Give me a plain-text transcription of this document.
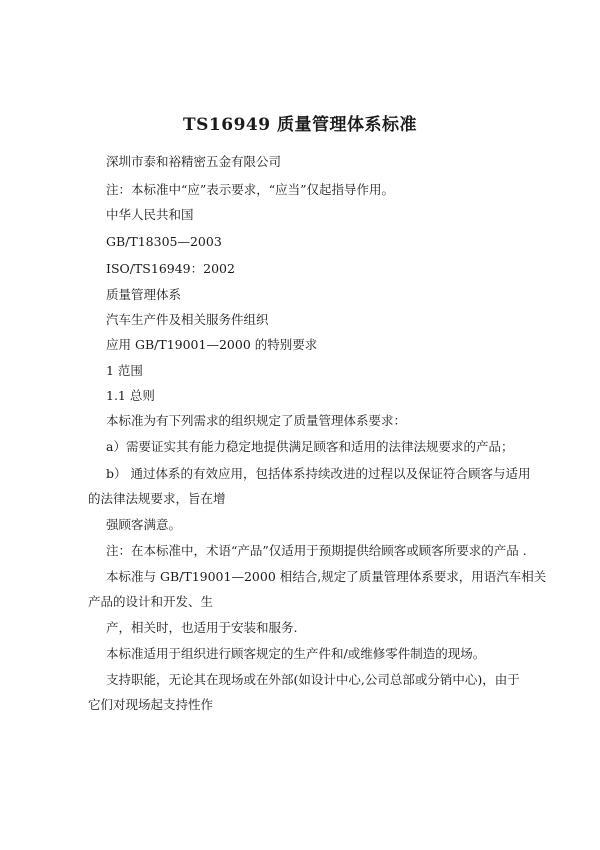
TS16949 质量管理体系标准
深圳市泰和裕精密五金有限公司
注：本标准中“应”表示要求，“应当”仅起指导作用。
中华人民共和国
GB/T18305—2003
ISO/TS16949：2002
质量管理体系
汽车生产件及相关服务件组织
应用 GB/T19001—2000 的特别要求
1 范围
1.1 总则
本标准为有下列需求的组织规定了质量管理体系要求：
a）需要证实其有能力稳定地提供满足顾客和适用的法律法规要求的产品；
b） 通过体系的有效应用，包括体系持续改进的过程以及保证符合顾客与适用
的法律法规要求，旨在增
强顾客满意。
注：在本标准中，术语“产品”仅适用于预期提供给顾客或顾客所要求的产品 .
本标准与 GB/T19001—2000 相结合,规定了质量管理体系要求，用语汽车相关
产品的设计和开发、生
产，相关时，也适用于安装和服务.
本标准适用于组织进行顾客规定的生产件和/或维修零件制造的现场。
支持职能，无论其在现场或在外部(如设计中心,公司总部或分销中心)，由于
它们对现场起支持性作
